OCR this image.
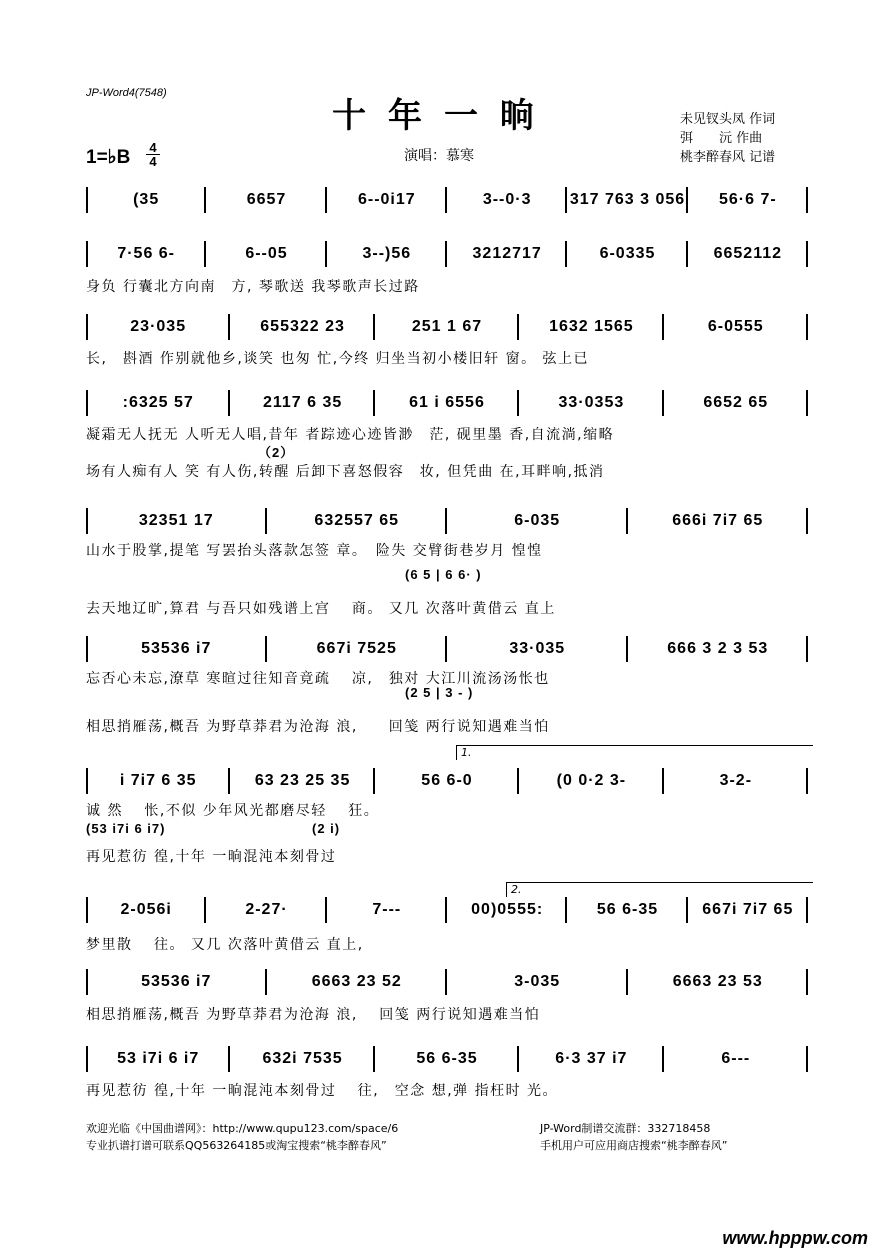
JP-Word4(7548)
十年一晌
1=♭B 4
4	演唱：慕寒
未见钗头凤 作词
弭　　沅 作曲
桃李醉春风 记谱
(35	6657	6--0i17	3--0·3	317 763 3 056	56·6 7-
7·56 6-	6--05	3--)56	3212717	6-0335	6652112
身负 行囊北方向南　方, 琴歌送 我琴歌声长过路
23·035	655322 23	251 1 67	1632 1565	6-0555
长,　斟酒 作别就他乡,谈笑 也匆 忙,今终 归坐当初小楼旧轩 窗。 弦上已
:6325 57	2117 6 35	61 i 6556	33·0353	6652 65
凝霜无人抚无 人听无人唱,昔年 者踪迹心迹皆渺　茫, 砚里墨 香,自流淌,缩略
场有人痴有人 笑 有人伤,转醒 后卸下喜怒假容　妆, 但凭曲 在,耳畔响,抵消
32351 17	632557 65	6-035	666i 7i7 65
山水于股掌,提笔 写罢抬头落款怎签 章。　险失 交臂街巷岁月 惶惶
去天地辽旷,算君 与吾只如残谱上宫　 商。 又几 次落叶黄借云 直上
53536 i7	667i 7525	33·035	666 3 2 3 53
忘否心未忘,潦草 寒暄过往知音竟疏　 凉,　独对 大江川流汤汤怅也
相思捎雁荡,概吾 为野草莽君为沧海 浪,　　回笺 两行说知遇难当怕
i 7i7 6 35	63 23 25 35	56 6-0	(0 0·2 3-	3-2-
诚 然　 怅,不似 少年风光都磨尽轻　 狂。
再见惹彷 徨,十年 一晌混沌本刻骨过
2-056i	2-27·	7---	00)0555:	56 6-35	667i 7i7 65
梦里散　 往。 又几 次落叶黄借云 直上,
53536 i7	6663 23 52	3-035	6663 23 53
相思捎雁荡,概吾 为野草莽君为沧海 浪,　 回笺 两行说知遇难当怕
53 i7i 6 i7	632i 7535	56 6-35	6·3 37 i7	6---
再见惹彷 徨,十年 一晌混沌本刻骨过　 往,　空念 想,弹 指枉时 光。
（2）
(6 5 | 6 6· )
(2 5 | 3 - )
(53 i7i 6 i7)	(2 i)
1.
2.
欢迎光临《中国曲谱网》：http://www.qupu123.com/space/6
专业扒谱打谱可联系QQ563264185或淘宝搜索“桃李醉春风”
JP-Word制谱交流群：332718458
手机用户可应用商店搜索“桃李醉春风”
www.hpppw.com
